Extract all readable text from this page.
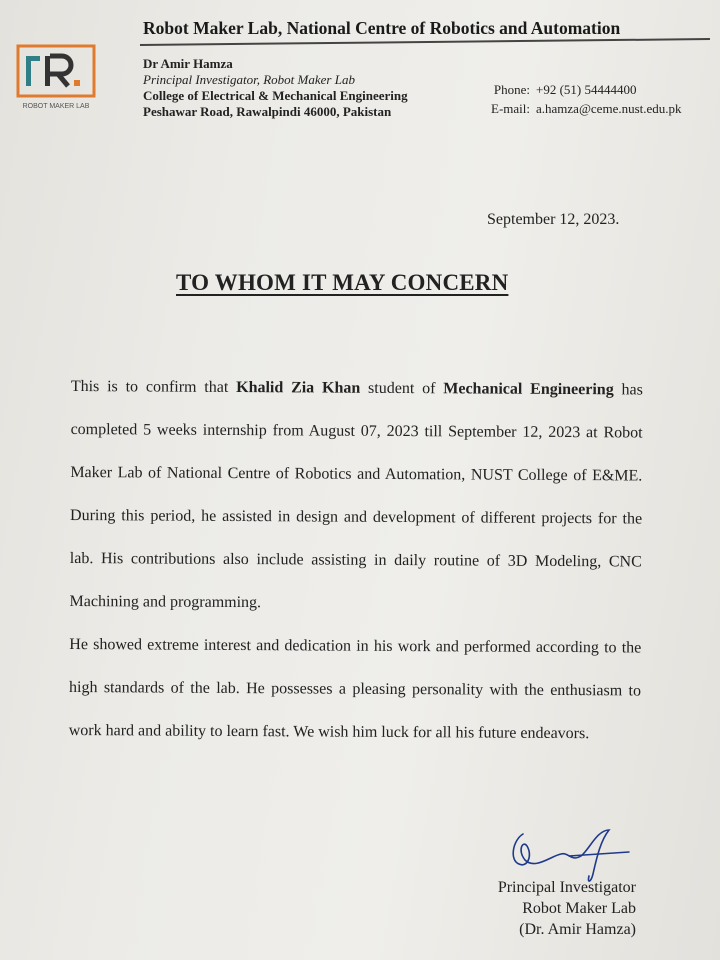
ROBOT MAKER LAB
Robot Maker Lab, National Centre of Robotics and Automation
Dr Amir Hamza
Principal Investigator, Robot Maker Lab
College of Electrical & Mechanical Engineering
Peshawar Road, Rawalpindi 46000, Pakistan
Phone: +92 (51) 54444400
E-mail: a.hamza@ceme.nust.edu.pk
September 12, 2023.
TO WHOM IT MAY CONCERN

This is to confirm that Khalid Zia Khan student of Mechanical Engineering has completed 5 weeks internship from August 07, 2023 till September 12, 2023 at Robot Maker Lab of National Centre of Robotics and Automation, NUST College of E&ME. During this period, he assisted in design and development of different projects for the lab. His contributions also include assisting in daily routine of 3D Modeling, CNC Machining and programming.

He showed extreme interest and dedication in his work and performed according to the high standards of the lab. He possesses a pleasing personality with the enthusiasm to work hard and ability to learn fast. We wish him luck for all his future endeavors.

Principal Investigator
Robot Maker Lab
(Dr. Amir Hamza)
